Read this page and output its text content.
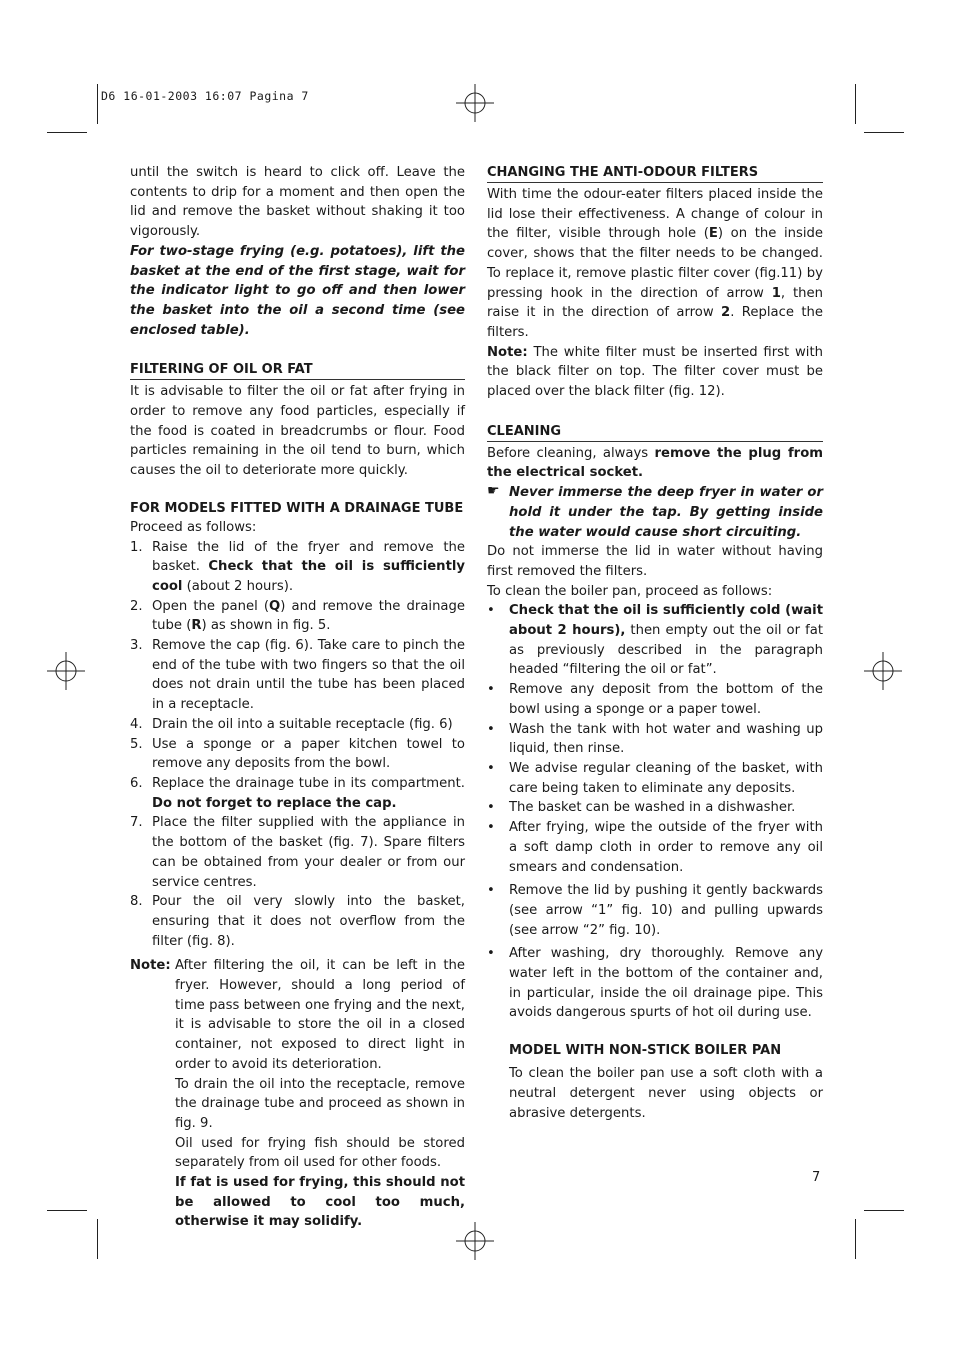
D6 16-01-2003 16:07 Pagina 7

until the switch is heard to click off. Leave the contents to drip for a moment and then open the lid and remove the basket without shaking it too vigorously.

For two-stage frying (e.g. potatoes), lift the basket at the end of the first stage, wait for the indicator light to go off and then lower the basket into the oil a second time (see enclosed table).

FILTERING OF OIL OR FAT

It is advisable to filter the oil or fat after frying in order to remove any food particles, especially if the food is coated in breadcrumbs or flour. Food particles remaining in the oil tend to burn, which causes the oil to deteriorate more quickly.

FOR MODELS FITTED WITH A DRAINAGE TUBE

Proceed as follows:

1. Raise the lid of the fryer and remove the basket. Check that the oil is sufficiently cool (about 2 hours).
2. Open the panel (Q) and remove the drainage tube (R) as shown in fig. 5.
3. Remove the cap (fig. 6). Take care to pinch the end of the tube with two fingers so that the oil does not drain until the tube has been placed in a receptacle.
4. Drain the oil into a suitable receptacle (fig. 6)
5. Use a sponge or a paper kitchen towel to remove any deposits from the bowl.
6. Replace the drainage tube in its compartment. Do not forget to replace the cap.
7. Place the filter supplied with the appliance in the bottom of the basket (fig. 7). Spare filters can be obtained from your dealer or from our service centres.
8. Pour the oil very slowly into the basket, ensuring that it does not overflow from the filter (fig. 8).
Note: After filtering the oil, it can be left in the fryer. However, should a long period of time pass between one frying and the next, it is advisable to store the oil in a closed container, not exposed to direct light in order to avoid its deterioration.

To drain the oil into the receptacle, remove the drainage tube and proceed as shown in fig. 9.

Oil used for frying fish should be stored separately from oil used for other foods.

If fat is used for frying, this should not be allowed to cool too much, otherwise it may solidify.

CHANGING THE ANTI-ODOUR FILTERS

With time the odour-eater filters placed inside the lid lose their effectiveness. A change of colour in the filter, visible through hole (E) on the inside cover, shows that the filter needs to be changed. To replace it, remove plastic filter cover (fig.11) by pressing hook in the direction of arrow 1, then raise it in the direction of arrow 2. Replace the filters.

Note: The white filter must be inserted first with the black filter on top. The filter cover must be placed over the black filter (fig. 12).

CLEANING

Before cleaning, always remove the plug from the electrical socket.

☛ Never immerse the deep fryer in water or hold it under the tap. By getting inside the water would cause short circuiting.

Do not immerse the lid in water without having first removed the filters.

To clean the boiler pan, proceed as follows:

• Check that the oil is sufficiently cold (wait about 2 hours), then empty out the oil or fat as previously described in the paragraph headed “filtering the oil or fat”.
• Remove any deposit from the bottom of the bowl using a sponge or a paper towel.
• Wash the tank with hot water and washing up liquid, then rinse.
• We advise regular cleaning of the basket, with care being taken to eliminate any deposits.
• The basket can be washed in a dishwasher.
• After frying, wipe the outside of the fryer with a soft damp cloth in order to remove any oil smears and condensation.
• Remove the lid by pushing it gently backwards (see arrow “1” fig. 10) and pulling upwards (see arrow “2” fig. 10).
• After washing, dry thoroughly. Remove any water left in the bottom of the container and, in particular, inside the oil drainage pipe. This avoids dangerous spurts of hot oil during use.
MODEL WITH NON-STICK BOILER PAN

To clean the boiler pan use a soft cloth with a neutral detergent never using objects or abrasive detergents.

7
